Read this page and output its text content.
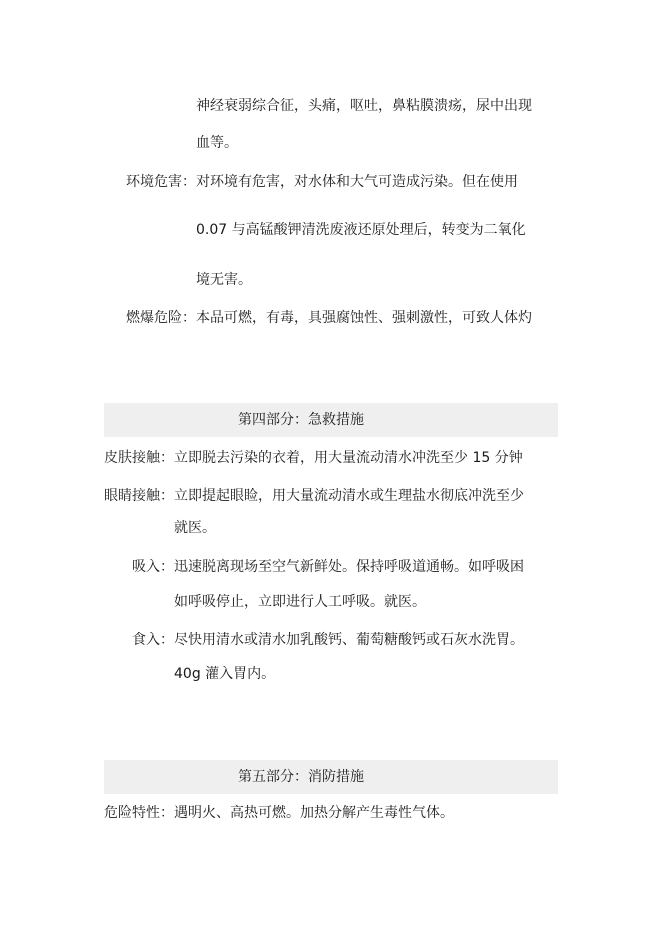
神经衰弱综合征，头痛，呕吐，鼻粘膜溃疡，尿中出现
血等。
环境危害： 对环境有危害，对水体和大气可造成污染。但在使用
0.07 与高锰酸钾清洗废液还原处理后，转变为二氧化
境无害。
燃爆危险： 本品可燃，有毒，具强腐蚀性、强刺激性，可致人体灼
第四部分：急救措施
皮肤接触： 立即脱去污染的衣着，用大量流动清水冲洗至少 15 分钟
眼睛接触： 立即提起眼睑，用大量流动清水或生理盐水彻底冲洗至少
就医。
吸入： 迅速脱离现场至空气新鲜处。保持呼吸道通畅。如呼吸困
如呼吸停止，立即进行人工呼吸。就医。
食入： 尽快用清水或清水加乳酸钙、葡萄糖酸钙或石灰水洗胃。
40g 灌入胃内。
第五部分：消防措施
危险特性： 遇明火、高热可燃。加热分解产生毒性气体。
